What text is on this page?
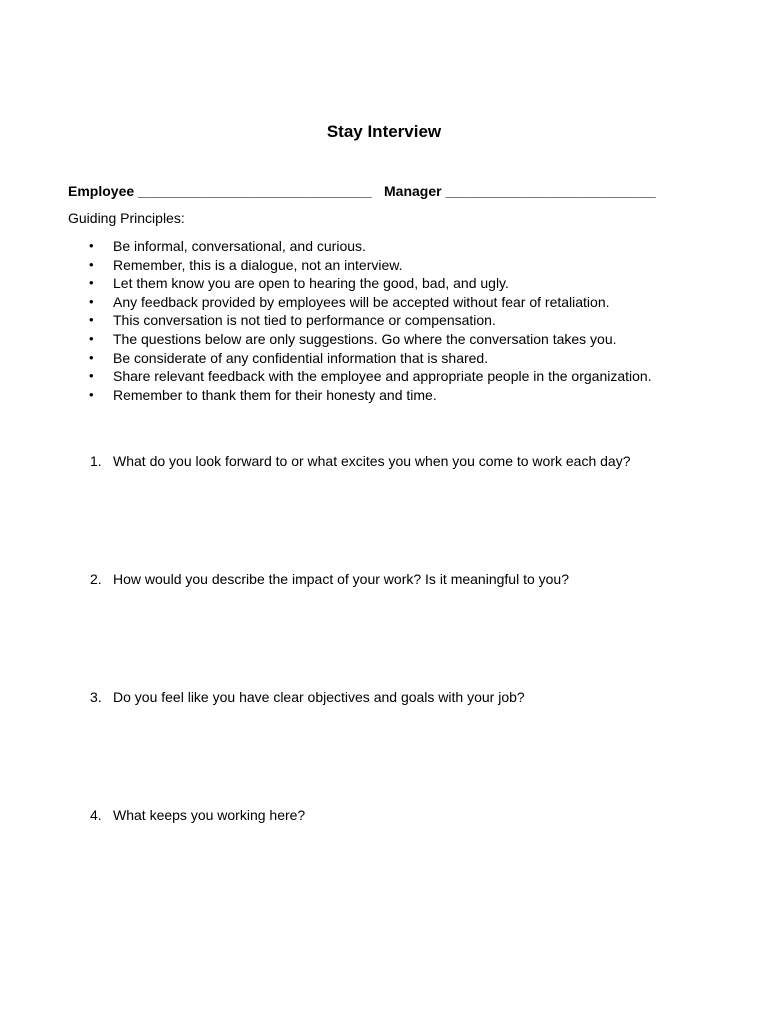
Stay Interview
Employee ______________________________ Manager ___________________________
Guiding Principles:
• Be informal, conversational, and curious.
• Remember, this is a dialogue, not an interview.
• Let them know you are open to hearing the good, bad, and ugly.
• Any feedback provided by employees will be accepted without fear of retaliation.
• This conversation is not tied to performance or compensation.
• The questions below are only suggestions. Go where the conversation takes you.
• Be considerate of any confidential information that is shared.
• Share relevant feedback with the employee and appropriate people in the organization.
• Remember to thank them for their honesty and time.
1. What do you look forward to or what excites you when you come to work each day?
2. How would you describe the impact of your work? Is it meaningful to you?
3. Do you feel like you have clear objectives and goals with your job?
4. What keeps you working here?
